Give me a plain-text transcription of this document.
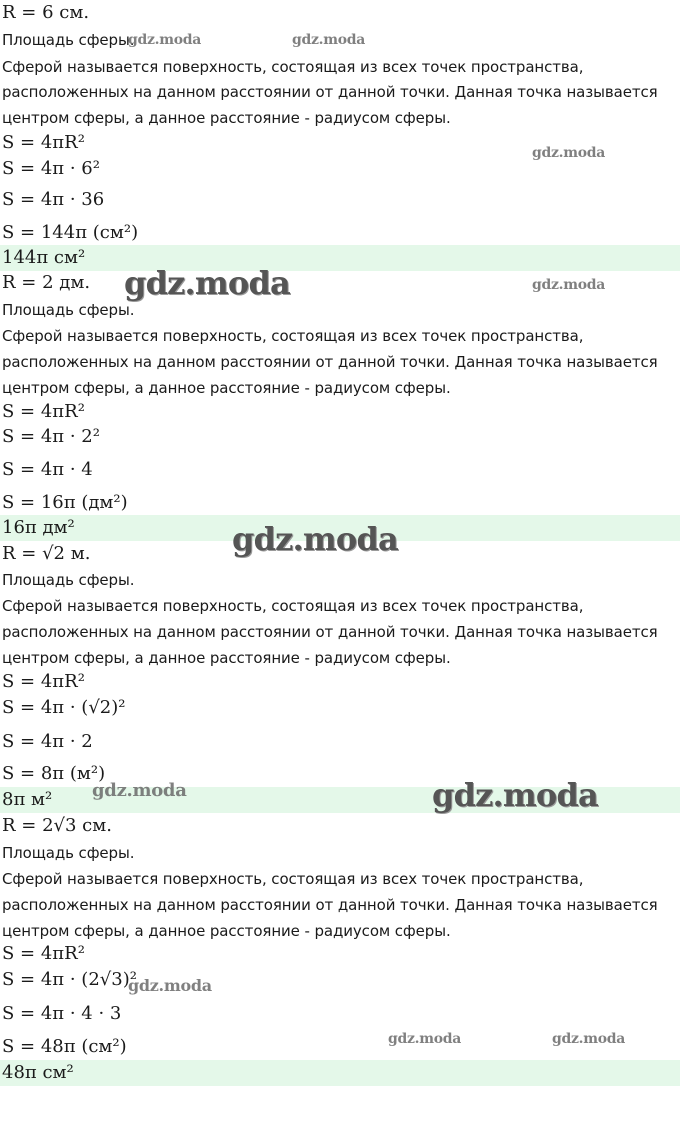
R = 6 см.
Площадь сферы.
Сферой называется поверхность, состоящая из всех точек пространства,
расположенных на данном расстоянии от данной точки. Данная точка называется
центром сферы, а данное расстояние - радиусом сферы.
S = 4πR²
S = 4π · 6²
S = 4π · 36
S = 144π (см²)
144π см²
R = 2 дм.
Площадь сферы.
Сферой называется поверхность, состоящая из всех точек пространства,
расположенных на данном расстоянии от данной точки. Данная точка называется
центром сферы, а данное расстояние - радиусом сферы.
S = 4πR²
S = 4π · 2²
S = 4π · 4
S = 16π (дм²)
16π дм²
R = √2 м.
Площадь сферы.
Сферой называется поверхность, состоящая из всех точек пространства,
расположенных на данном расстоянии от данной точки. Данная точка называется
центром сферы, а данное расстояние - радиусом сферы.
S = 4πR²
S = 4π · (√2)²
S = 4π · 2
S = 8π (м²)
8π м²
R = 2√3 см.
Площадь сферы.
Сферой называется поверхность, состоящая из всех точек пространства,
расположенных на данном расстоянии от данной точки. Данная точка называется
центром сферы, а данное расстояние - радиусом сферы.
S = 4πR²
S = 4π · (2√3)²
S = 4π · 4 · 3
S = 48π (см²)
48π см²
gdz.moda	gdz.moda
gdz.moda
gdz.moda	gdz.moda
gdz.moda
gdz.moda	gdz.moda
gdz.moda
gdz.moda	gdz.moda
